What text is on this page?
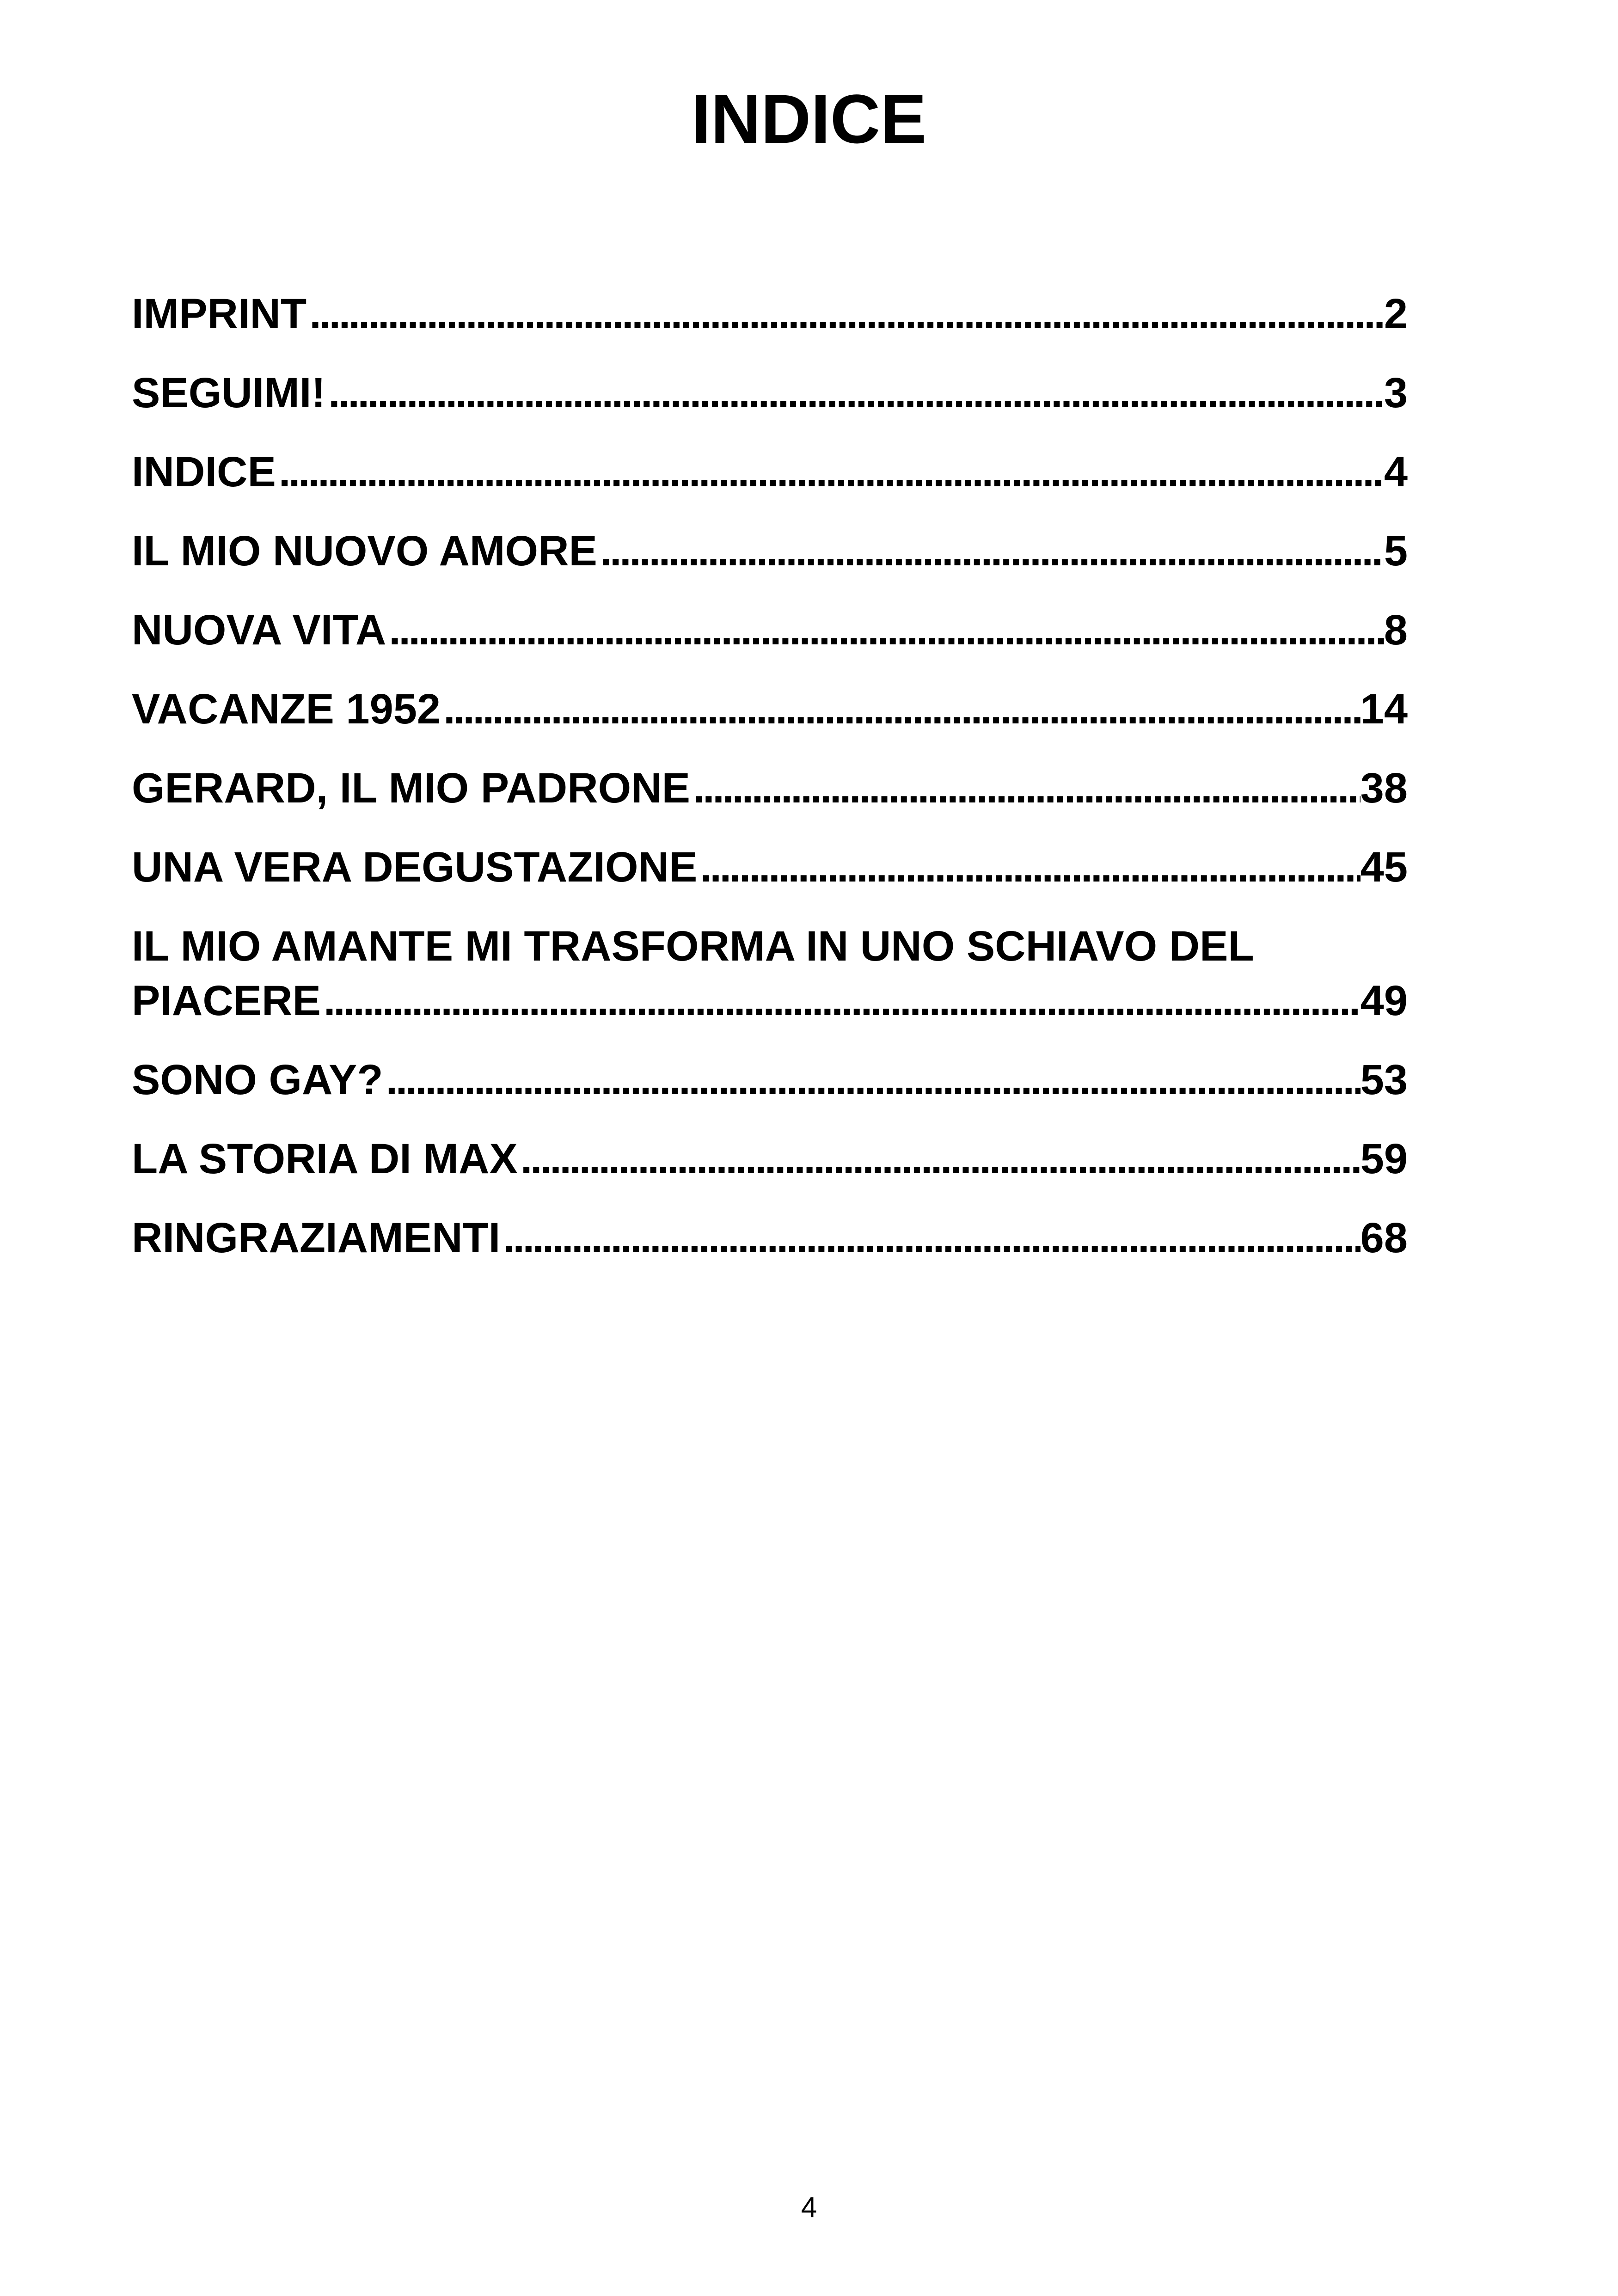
INDICE
IMPRINT . . .	2
SEGUIMI! . . .	3
INDICE . . .	4
IL MIO NUOVO AMORE . . .	5
NUOVA VITA . . .	8
VACANZE 1952 . . .	14
GERARD, IL MIO PADRONE . . .	38
UNA VERA DEGUSTAZIONE . . .	45
IL MIO AMANTE MI TRASFORMA IN UNO SCHIAVO DEL
PIACERE . . .	49
SONO GAY? . . .	53
LA STORIA DI MAX . . .	59
RINGRAZIAMENTI . . .	68
4
